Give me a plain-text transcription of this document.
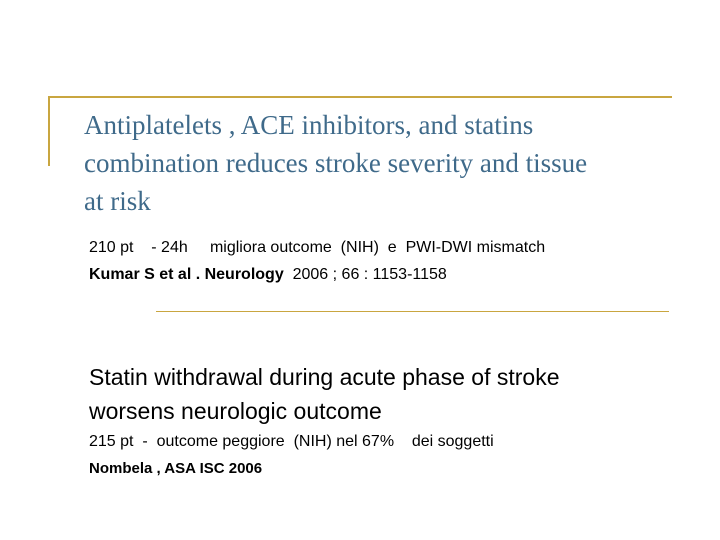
Antiplatelets , ACE inhibitors, and statins
combination reduces stroke severity and tissue
at risk
210 pt    - 24h     migliora outcome  (NIH)  e  PWI-DWI mismatch
Kumar S et al . Neurology  2006 ; 66 : 1153-1158
Statin withdrawal during acute phase of stroke
worsens neurologic outcome
215 pt  -  outcome peggiore  (NIH) nel 67%    dei soggetti
Nombela , ASA ISC 2006
